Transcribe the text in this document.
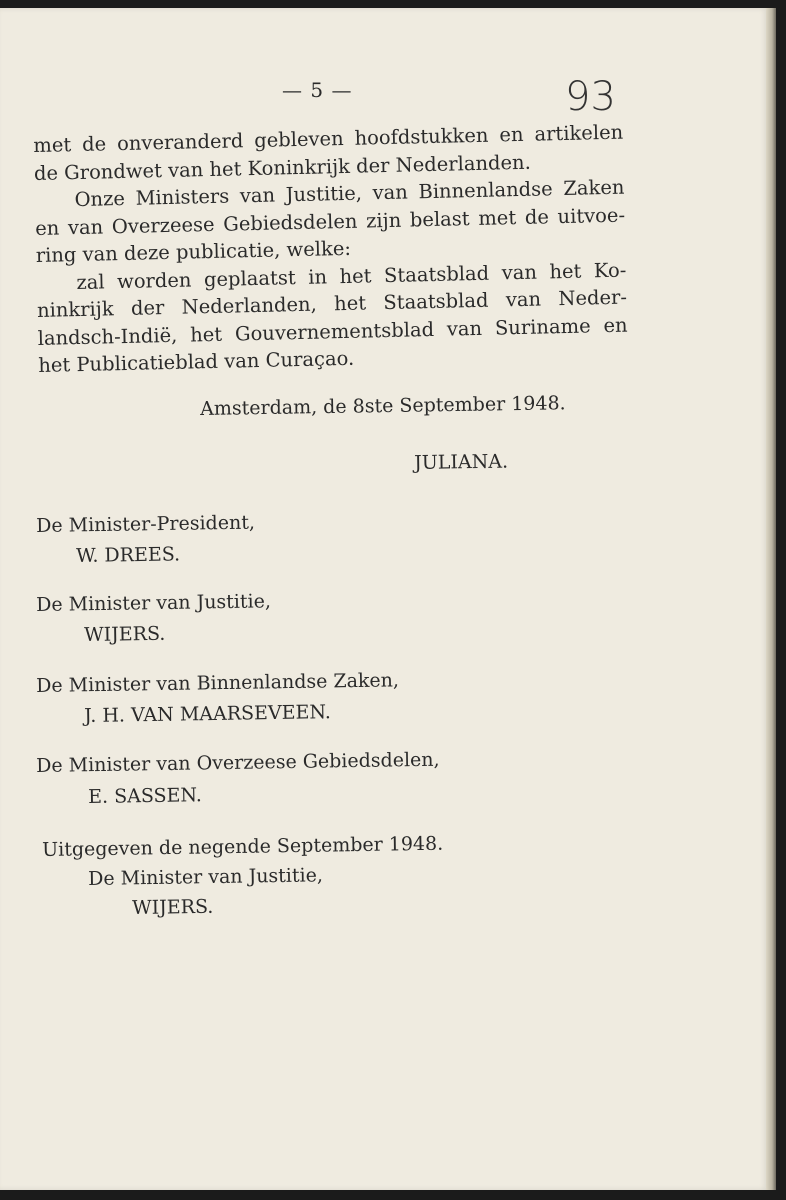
— 5 —	93
met de onveranderd gebleven hoofdstukken en artikelen
de Grondwet van het Koninkrijk der Nederlanden.
Onze Ministers van Justitie, van Binnenlandse Zaken
en van Overzeese Gebiedsdelen zijn belast met de uitvoe-
ring van deze publicatie, welke:
zal worden geplaatst in het Staatsblad van het Ko-
ninkrijk der Nederlanden, het Staatsblad van Neder-
landsch-Indië, het Gouvernementsblad van Suriname en
het Publicatieblad van Curaçao.
Amsterdam, de 8ste September 1948.
JULIANA.
De Minister-President,
W. DREES.
De Minister van Justitie,
WIJERS.
De Minister van Binnenlandse Zaken,
J. H. VAN MAARSEVEEN.
De Minister van Overzeese Gebiedsdelen,
E. SASSEN.
Uitgegeven de negende September 1948.
De Minister van Justitie,
WIJERS.
